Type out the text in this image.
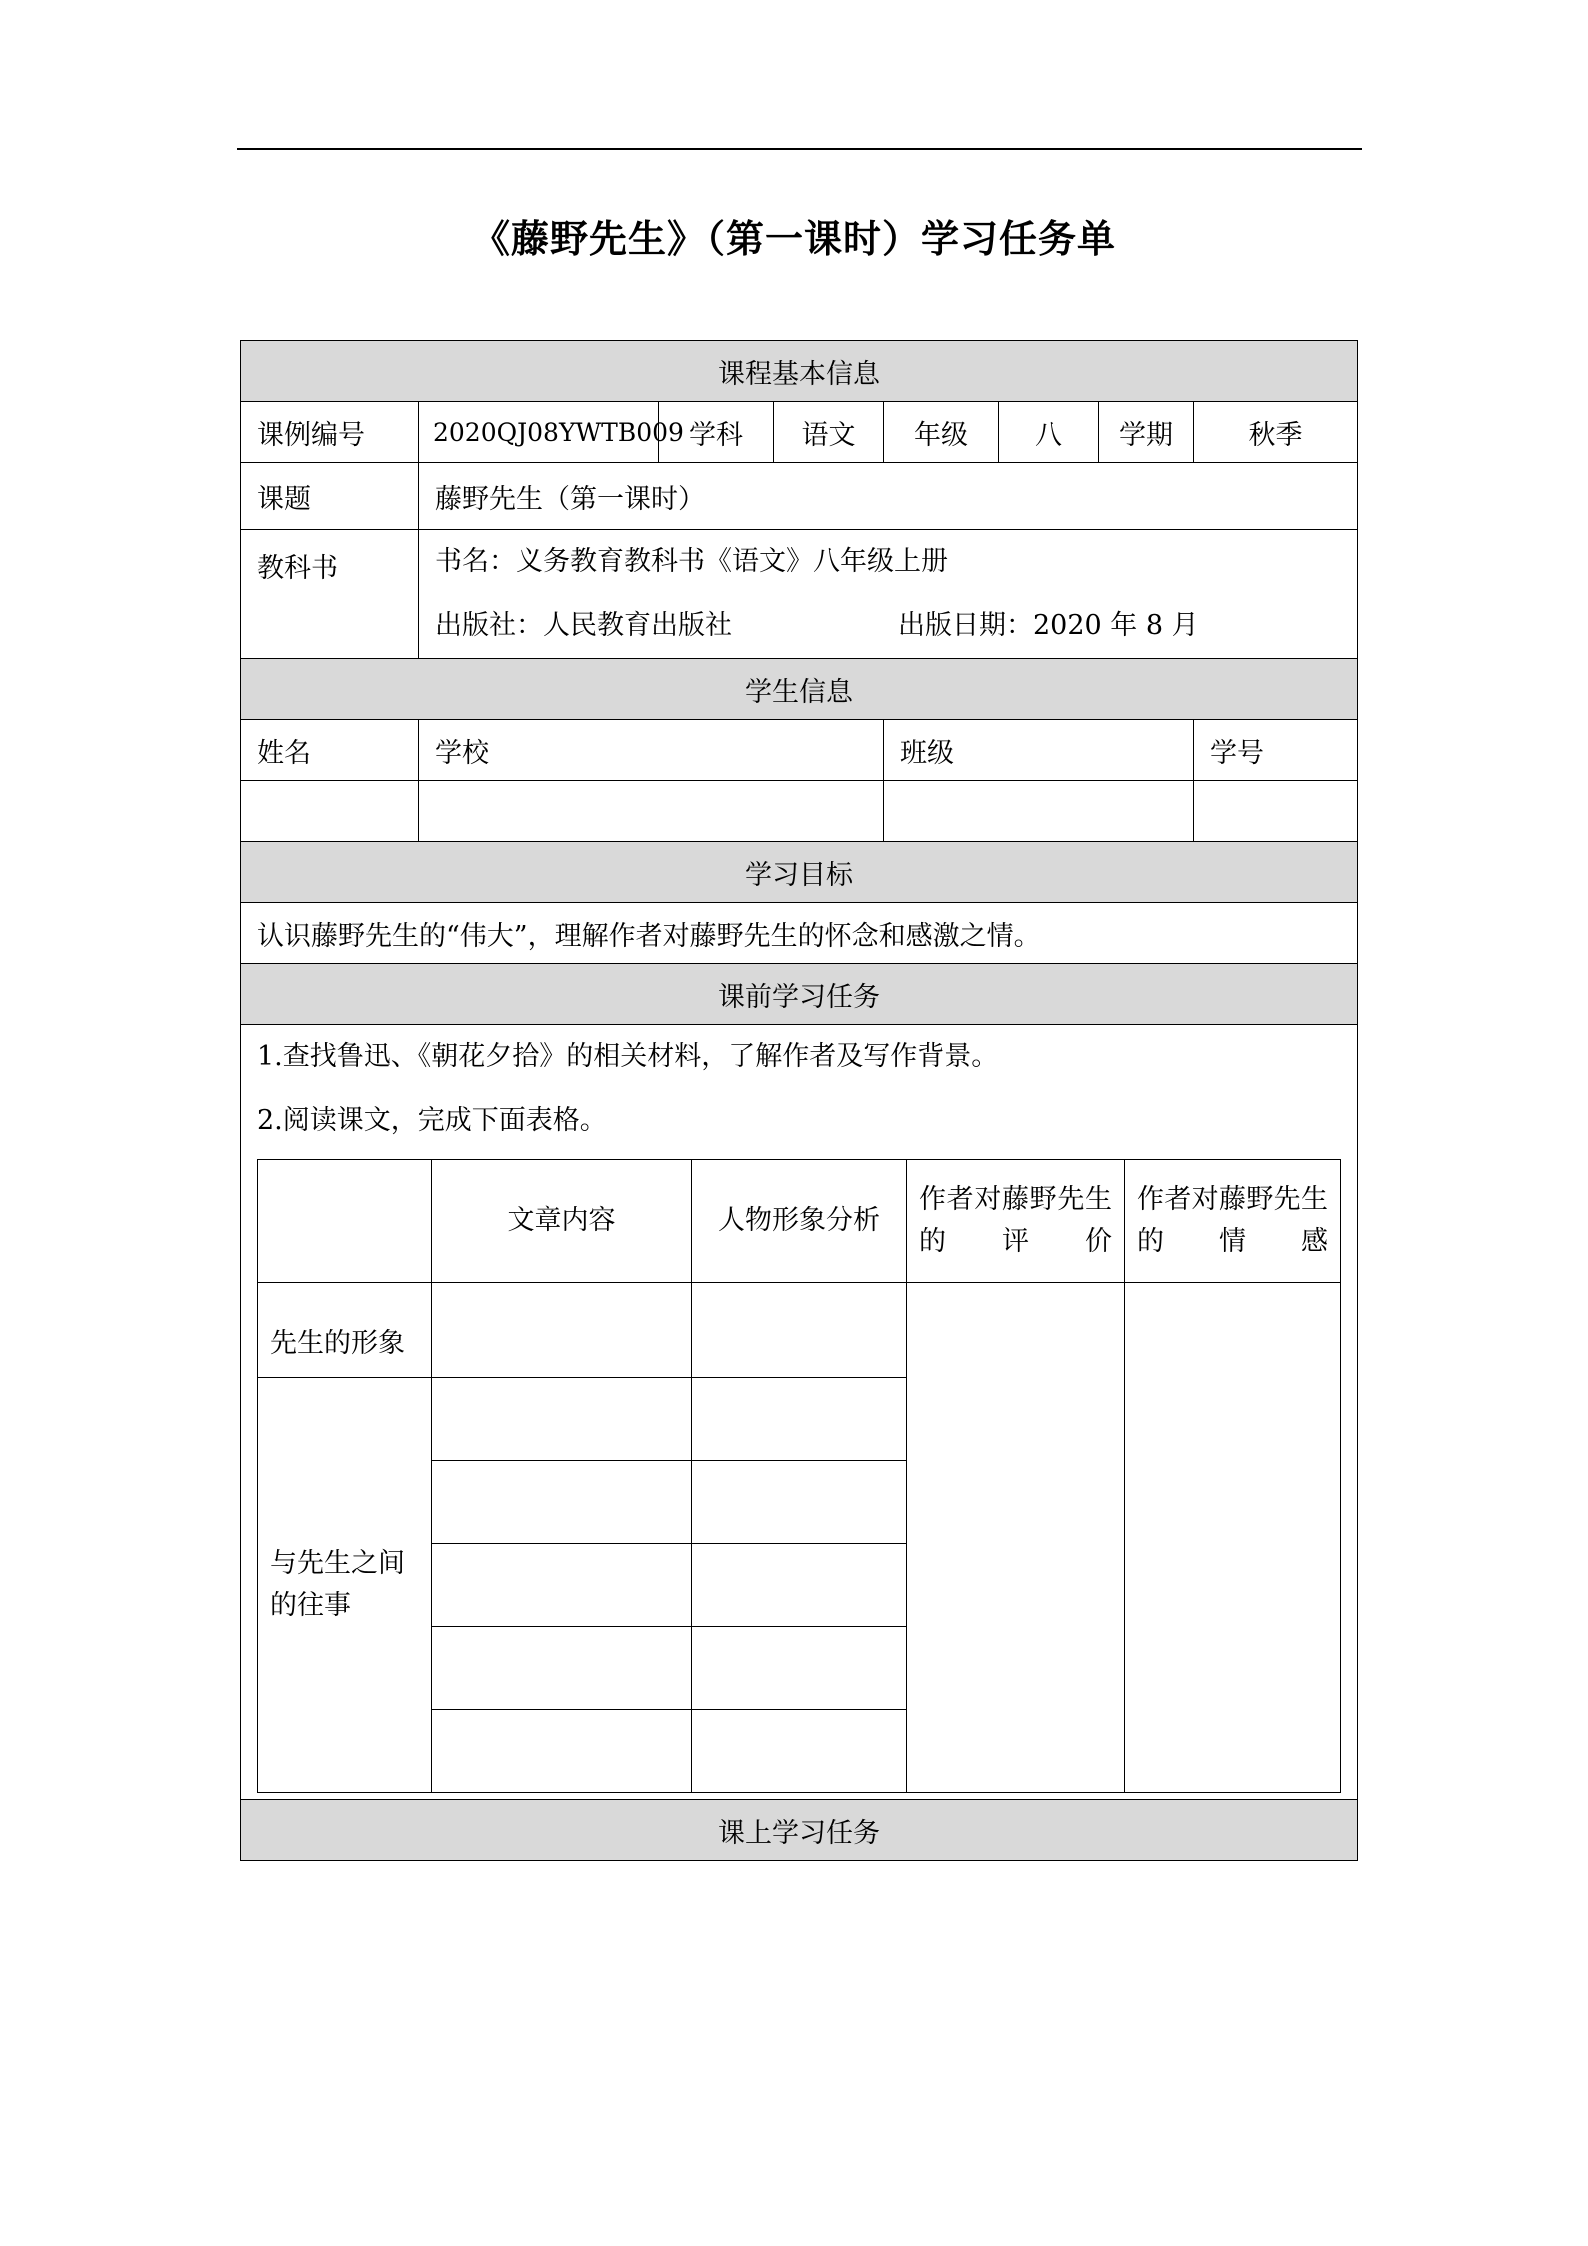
《藤野先生》（第一课时）学习任务单
课程基本信息
课例编号	2020QJ08YWTB009	学科	语文	年级	八	学期	秋季
课题	藤野先生（第一课时）
教科书	书名：义务教育教科书《语文》八年级上册
出版社：人民教育出版社	出版日期：2020 年 8 月

学生信息
姓名	学校	班级	学号

学习目标
认识藤野先生的“伟大”，理解作者对藤野先生的怀念和感激之情。
课前学习任务

1.查找鲁迅、《朝花夕拾》的相关材料，了解作者及写作背景。
2.阅读课文，完成下面表格。
	文章内容	人物形象分析	作者对藤野先生的评价	作者对藤野先生的情感
先生的形象				
与先生之间的往事		

课上学习任务
